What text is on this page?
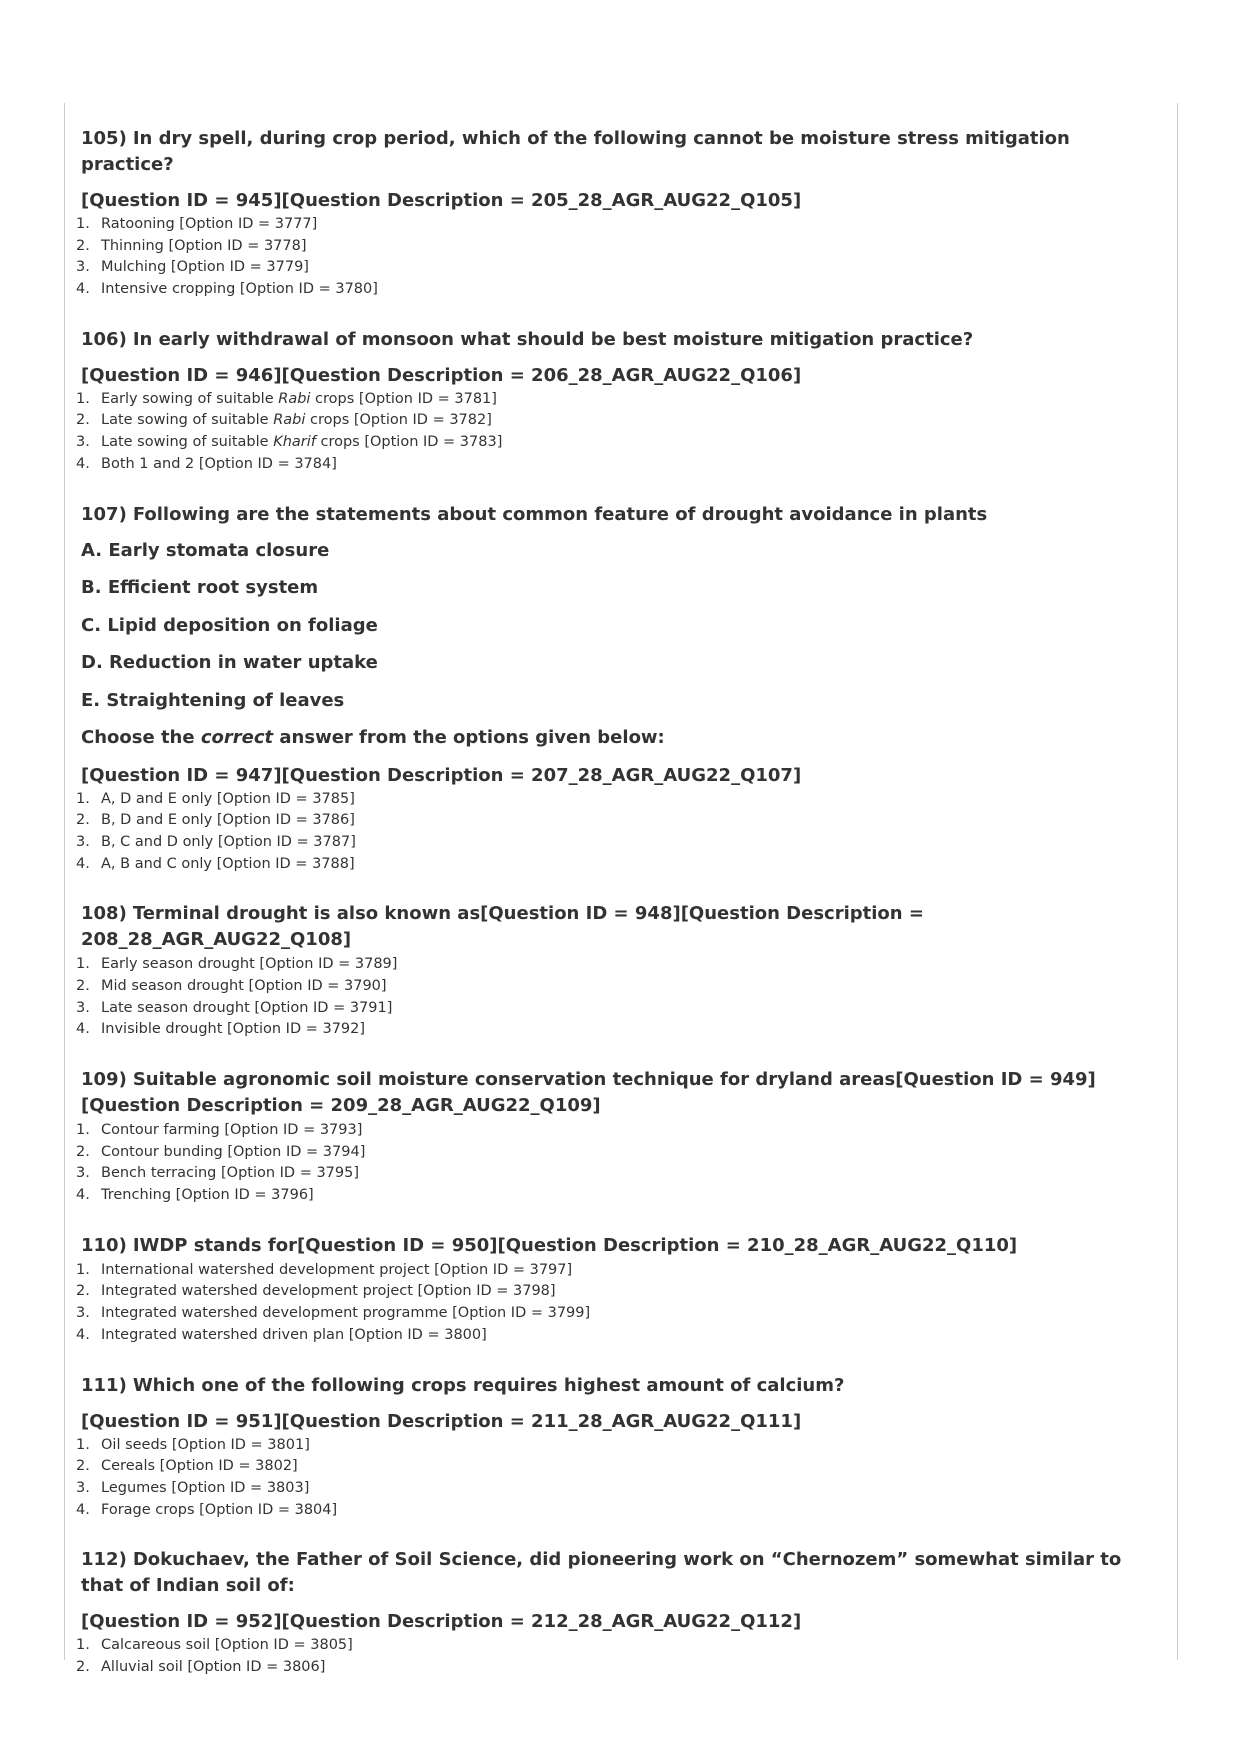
105) In dry spell, during crop period, which of the following cannot be moisture stress mitigation practice?

[Question ID = 945][Question Description = 205_28_AGR_AUG22_Q105]

1. Ratooning [Option ID = 3777]
2. Thinning [Option ID = 3778]
3. Mulching [Option ID = 3779]
4. Intensive cropping [Option ID = 3780]

106) In early withdrawal of monsoon what should be best moisture mitigation practice?

[Question ID = 946][Question Description = 206_28_AGR_AUG22_Q106]

1. Early sowing of suitable Rabi crops [Option ID = 3781]
2. Late sowing of suitable Rabi crops [Option ID = 3782]
3. Late sowing of suitable Kharif crops [Option ID = 3783]
4. Both 1 and 2 [Option ID = 3784]

107) Following are the statements about common feature of drought avoidance in plants

A. Early stomata closure

B. Efficient root system

C. Lipid deposition on foliage

D. Reduction in water uptake

E. Straightening of leaves

Choose the correct answer from the options given below:

[Question ID = 947][Question Description = 207_28_AGR_AUG22_Q107]

1. A, D and E only [Option ID = 3785]
2. B, D and E only [Option ID = 3786]
3. B, C and D only [Option ID = 3787]
4. A, B and C only [Option ID = 3788]

108) Terminal drought is also known as[Question ID = 948][Question Description = 208_28_AGR_AUG22_Q108]

1. Early season drought [Option ID = 3789]
2. Mid season drought [Option ID = 3790]
3. Late season drought [Option ID = 3791]
4. Invisible drought [Option ID = 3792]

109) Suitable agronomic soil moisture conservation technique for dryland areas[Question ID = 949][Question Description = 209_28_AGR_AUG22_Q109]

1. Contour farming [Option ID = 3793]
2. Contour bunding [Option ID = 3794]
3. Bench terracing [Option ID = 3795]
4. Trenching [Option ID = 3796]

110) IWDP stands for[Question ID = 950][Question Description = 210_28_AGR_AUG22_Q110]

1. International watershed development project [Option ID = 3797]
2. Integrated watershed development project [Option ID = 3798]
3. Integrated watershed development programme [Option ID = 3799]
4. Integrated watershed driven plan [Option ID = 3800]

111) Which one of the following crops requires highest amount of calcium?

[Question ID = 951][Question Description = 211_28_AGR_AUG22_Q111]

1. Oil seeds [Option ID = 3801]
2. Cereals [Option ID = 3802]
3. Legumes [Option ID = 3803]
4. Forage crops [Option ID = 3804]

112) Dokuchaev, the Father of Soil Science, did pioneering work on “Chernozem” somewhat similar to that of Indian soil of:

[Question ID = 952][Question Description = 212_28_AGR_AUG22_Q112]

1. Calcareous soil [Option ID = 3805]
2. Alluvial soil [Option ID = 3806]
